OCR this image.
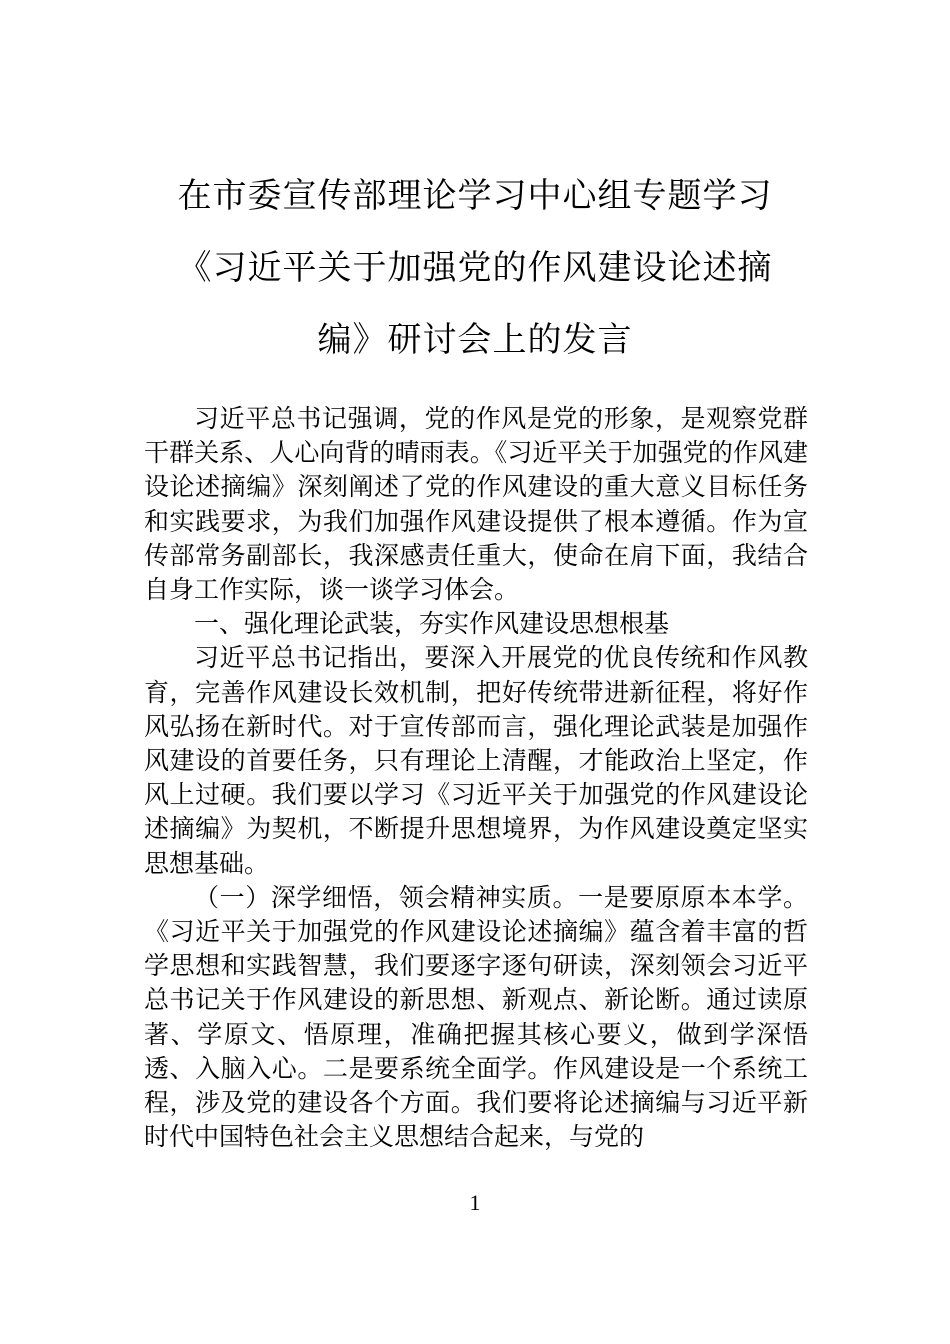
在市委宣传部理论学习中心组专题学习
《习近平关于加强党的作风建设论述摘
编》研讨会上的发言

习近平总书记强调，党的作风是党的形象，是观察党群干群关系、人心向背的晴雨表。《习近平关于加强党的作风建设论述摘编》深刻阐述了党的作风建设的重大意义目标任务和实践要求，为我们加强作风建设提供了根本遵循。作为宣传部常务副部长，我深感责任重大，使命在肩下面，我结合自身工作实际，谈一谈学习体会。

一、强化理论武装，夯实作风建设思想根基

习近平总书记指出，要深入开展党的优良传统和作风教育，完善作风建设长效机制，把好传统带进新征程，将好作风弘扬在新时代。对于宣传部而言，强化理论武装是加强作风建设的首要任务，只有理论上清醒，才能政治上坚定，作风上过硬。我们要以学习《习近平关于加强党的作风建设论述摘编》为契机，不断提升思想境界，为作风建设奠定坚实思想基础。

（一）深学细悟，领会精神实质。一是要原原本本学。《习近平关于加强党的作风建设论述摘编》蕴含着丰富的哲学思想和实践智慧，我们要逐字逐句研读，深刻领会习近平总书记关于作风建设的新思想、新观点、新论断。通过读原著、学原文、悟原理，准确把握其核心要义，做到学深悟透、入脑入心。二是要系统全面学。作风建设是一个系统工程，涉及党的建设各个方面。我们要将论述摘编与习近平新时代中国特色社会主义思想结合起来，与党的

1
